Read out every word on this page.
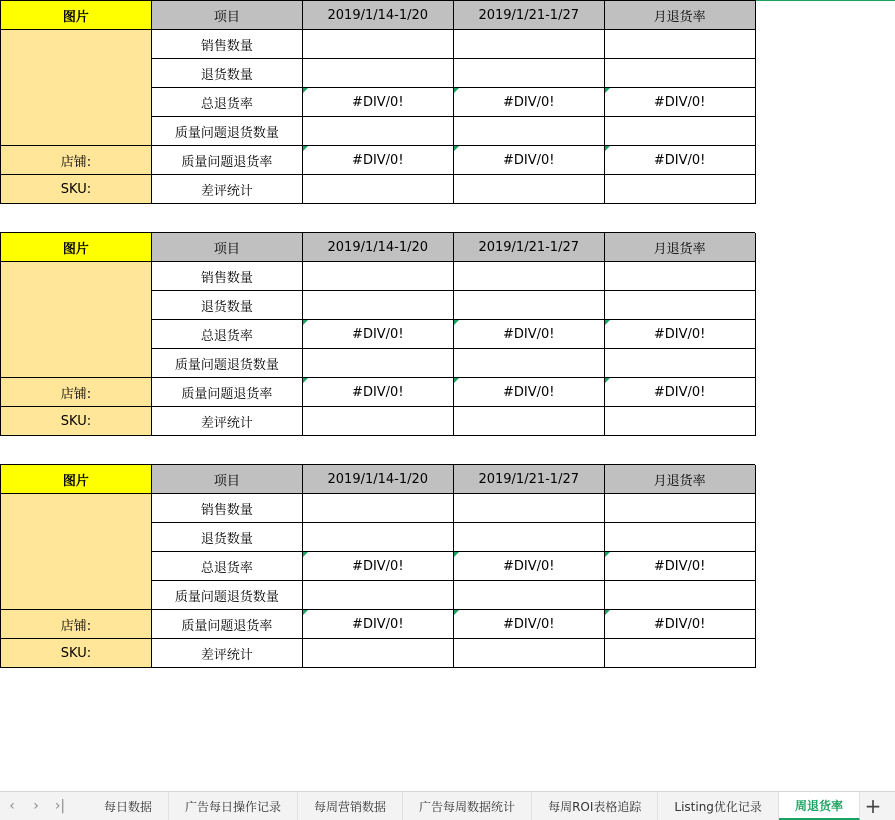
图片	项目	2019/1/14-1/20	2019/1/21-1/27	月退货率	
	销售数量				
	退货数量				
	总退货率	#DIV/0!	#DIV/0!	#DIV/0!	
	质量问题退货数量				
店铺:	质量问题退货率	#DIV/0!	#DIV/0!	#DIV/0!	
SKU:	差评统计				

图片	项目	2019/1/14-1/20	2019/1/21-1/27	月退货率	
	销售数量				
	退货数量				
	总退货率	#DIV/0!	#DIV/0!	#DIV/0!	
	质量问题退货数量				
店铺:	质量问题退货率	#DIV/0!	#DIV/0!	#DIV/0!	
SKU:	差评统计				

图片	项目	2019/1/14-1/20	2019/1/21-1/27	月退货率	
	销售数量				
	退货数量				
	总退货率	#DIV/0!	#DIV/0!	#DIV/0!	
	质量问题退货数量				
店铺:	质量问题退货率	#DIV/0!	#DIV/0!	#DIV/0!	
SKU:	差评统计				

‹	›	›|	每日数据	广告每日操作记录	每周营销数据	广告每周数据统计	每周ROI表格追踪	Listing优化记录	周退货率	+
